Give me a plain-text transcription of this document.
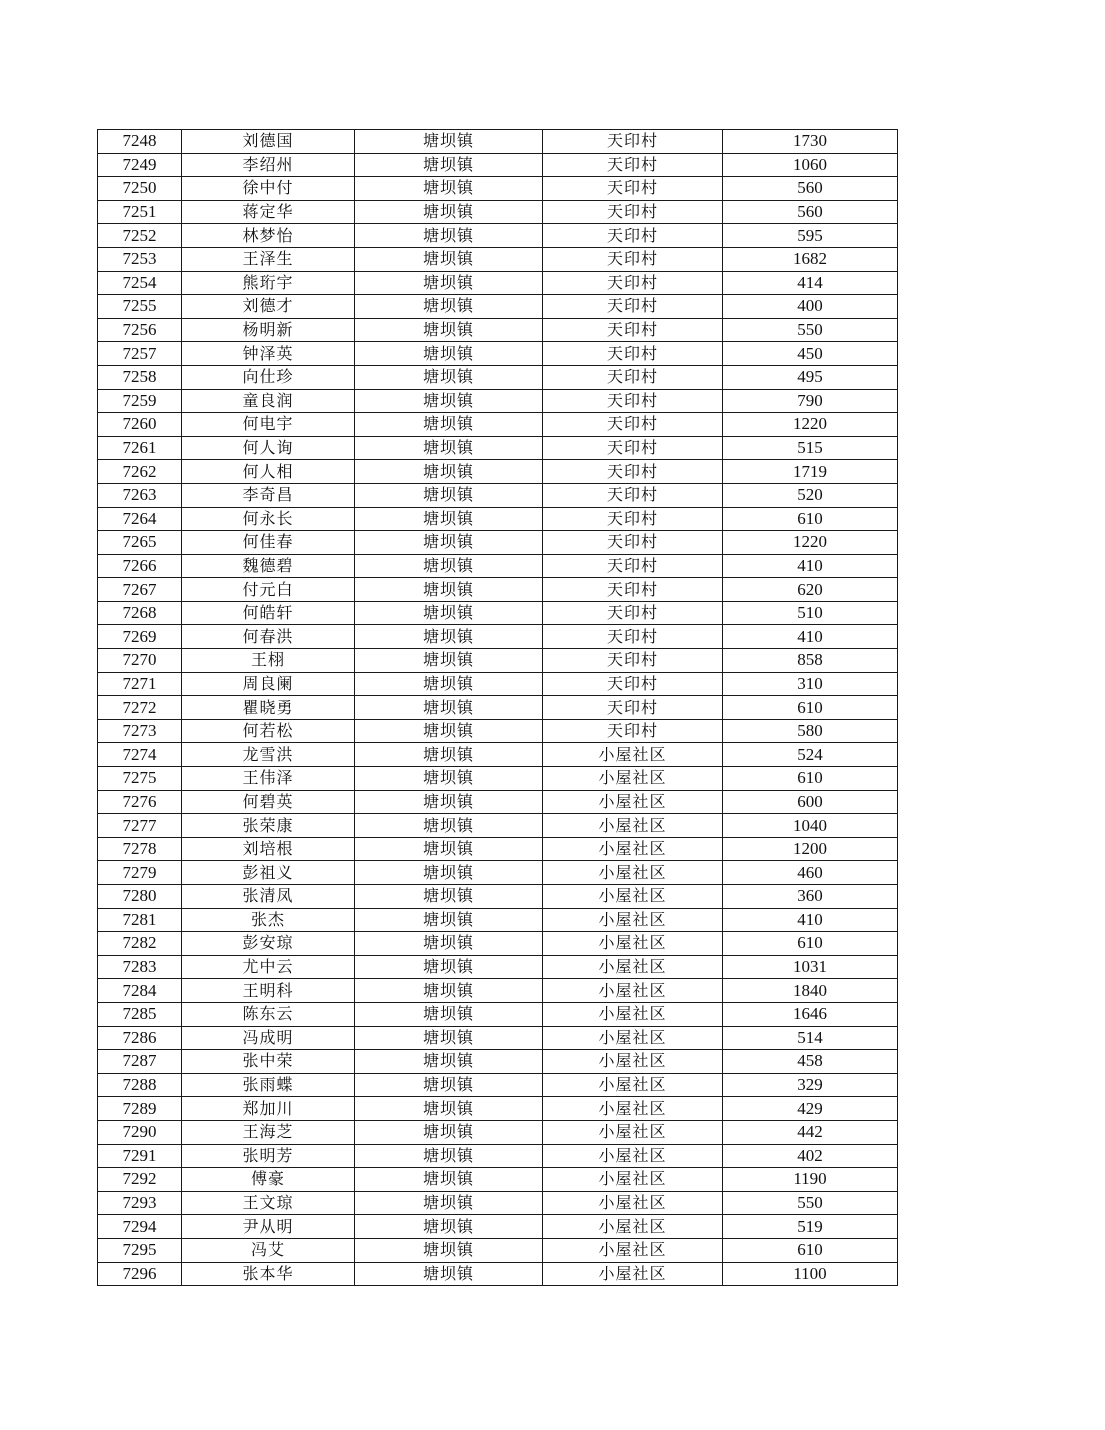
7248	刘德国	塘坝镇	天印村	1730
7249	李绍州	塘坝镇	天印村	1060
7250	徐中付	塘坝镇	天印村	560
7251	蒋定华	塘坝镇	天印村	560
7252	林梦怡	塘坝镇	天印村	595
7253	王泽生	塘坝镇	天印村	1682
7254	熊珩宇	塘坝镇	天印村	414
7255	刘德才	塘坝镇	天印村	400
7256	杨明新	塘坝镇	天印村	550
7257	钟泽英	塘坝镇	天印村	450
7258	向仕珍	塘坝镇	天印村	495
7259	童良润	塘坝镇	天印村	790
7260	何电宇	塘坝镇	天印村	1220
7261	何人询	塘坝镇	天印村	515
7262	何人相	塘坝镇	天印村	1719
7263	李奇昌	塘坝镇	天印村	520
7264	何永长	塘坝镇	天印村	610
7265	何佳春	塘坝镇	天印村	1220
7266	魏德碧	塘坝镇	天印村	410
7267	付元白	塘坝镇	天印村	620
7268	何皓轩	塘坝镇	天印村	510
7269	何春洪	塘坝镇	天印村	410
7270	王栩	塘坝镇	天印村	858
7271	周良阑	塘坝镇	天印村	310
7272	瞿晓勇	塘坝镇	天印村	610
7273	何若松	塘坝镇	天印村	580
7274	龙雪洪	塘坝镇	小屋社区	524
7275	王伟泽	塘坝镇	小屋社区	610
7276	何碧英	塘坝镇	小屋社区	600
7277	张荣康	塘坝镇	小屋社区	1040
7278	刘培根	塘坝镇	小屋社区	1200
7279	彭祖义	塘坝镇	小屋社区	460
7280	张清凤	塘坝镇	小屋社区	360
7281	张杰	塘坝镇	小屋社区	410
7282	彭安琼	塘坝镇	小屋社区	610
7283	尤中云	塘坝镇	小屋社区	1031
7284	王明科	塘坝镇	小屋社区	1840
7285	陈东云	塘坝镇	小屋社区	1646
7286	冯成明	塘坝镇	小屋社区	514
7287	张中荣	塘坝镇	小屋社区	458
7288	张雨蝶	塘坝镇	小屋社区	329
7289	郑加川	塘坝镇	小屋社区	429
7290	王海芝	塘坝镇	小屋社区	442
7291	张明芳	塘坝镇	小屋社区	402
7292	傅豪	塘坝镇	小屋社区	1190
7293	王文琼	塘坝镇	小屋社区	550
7294	尹从明	塘坝镇	小屋社区	519
7295	冯艾	塘坝镇	小屋社区	610
7296	张本华	塘坝镇	小屋社区	1100
